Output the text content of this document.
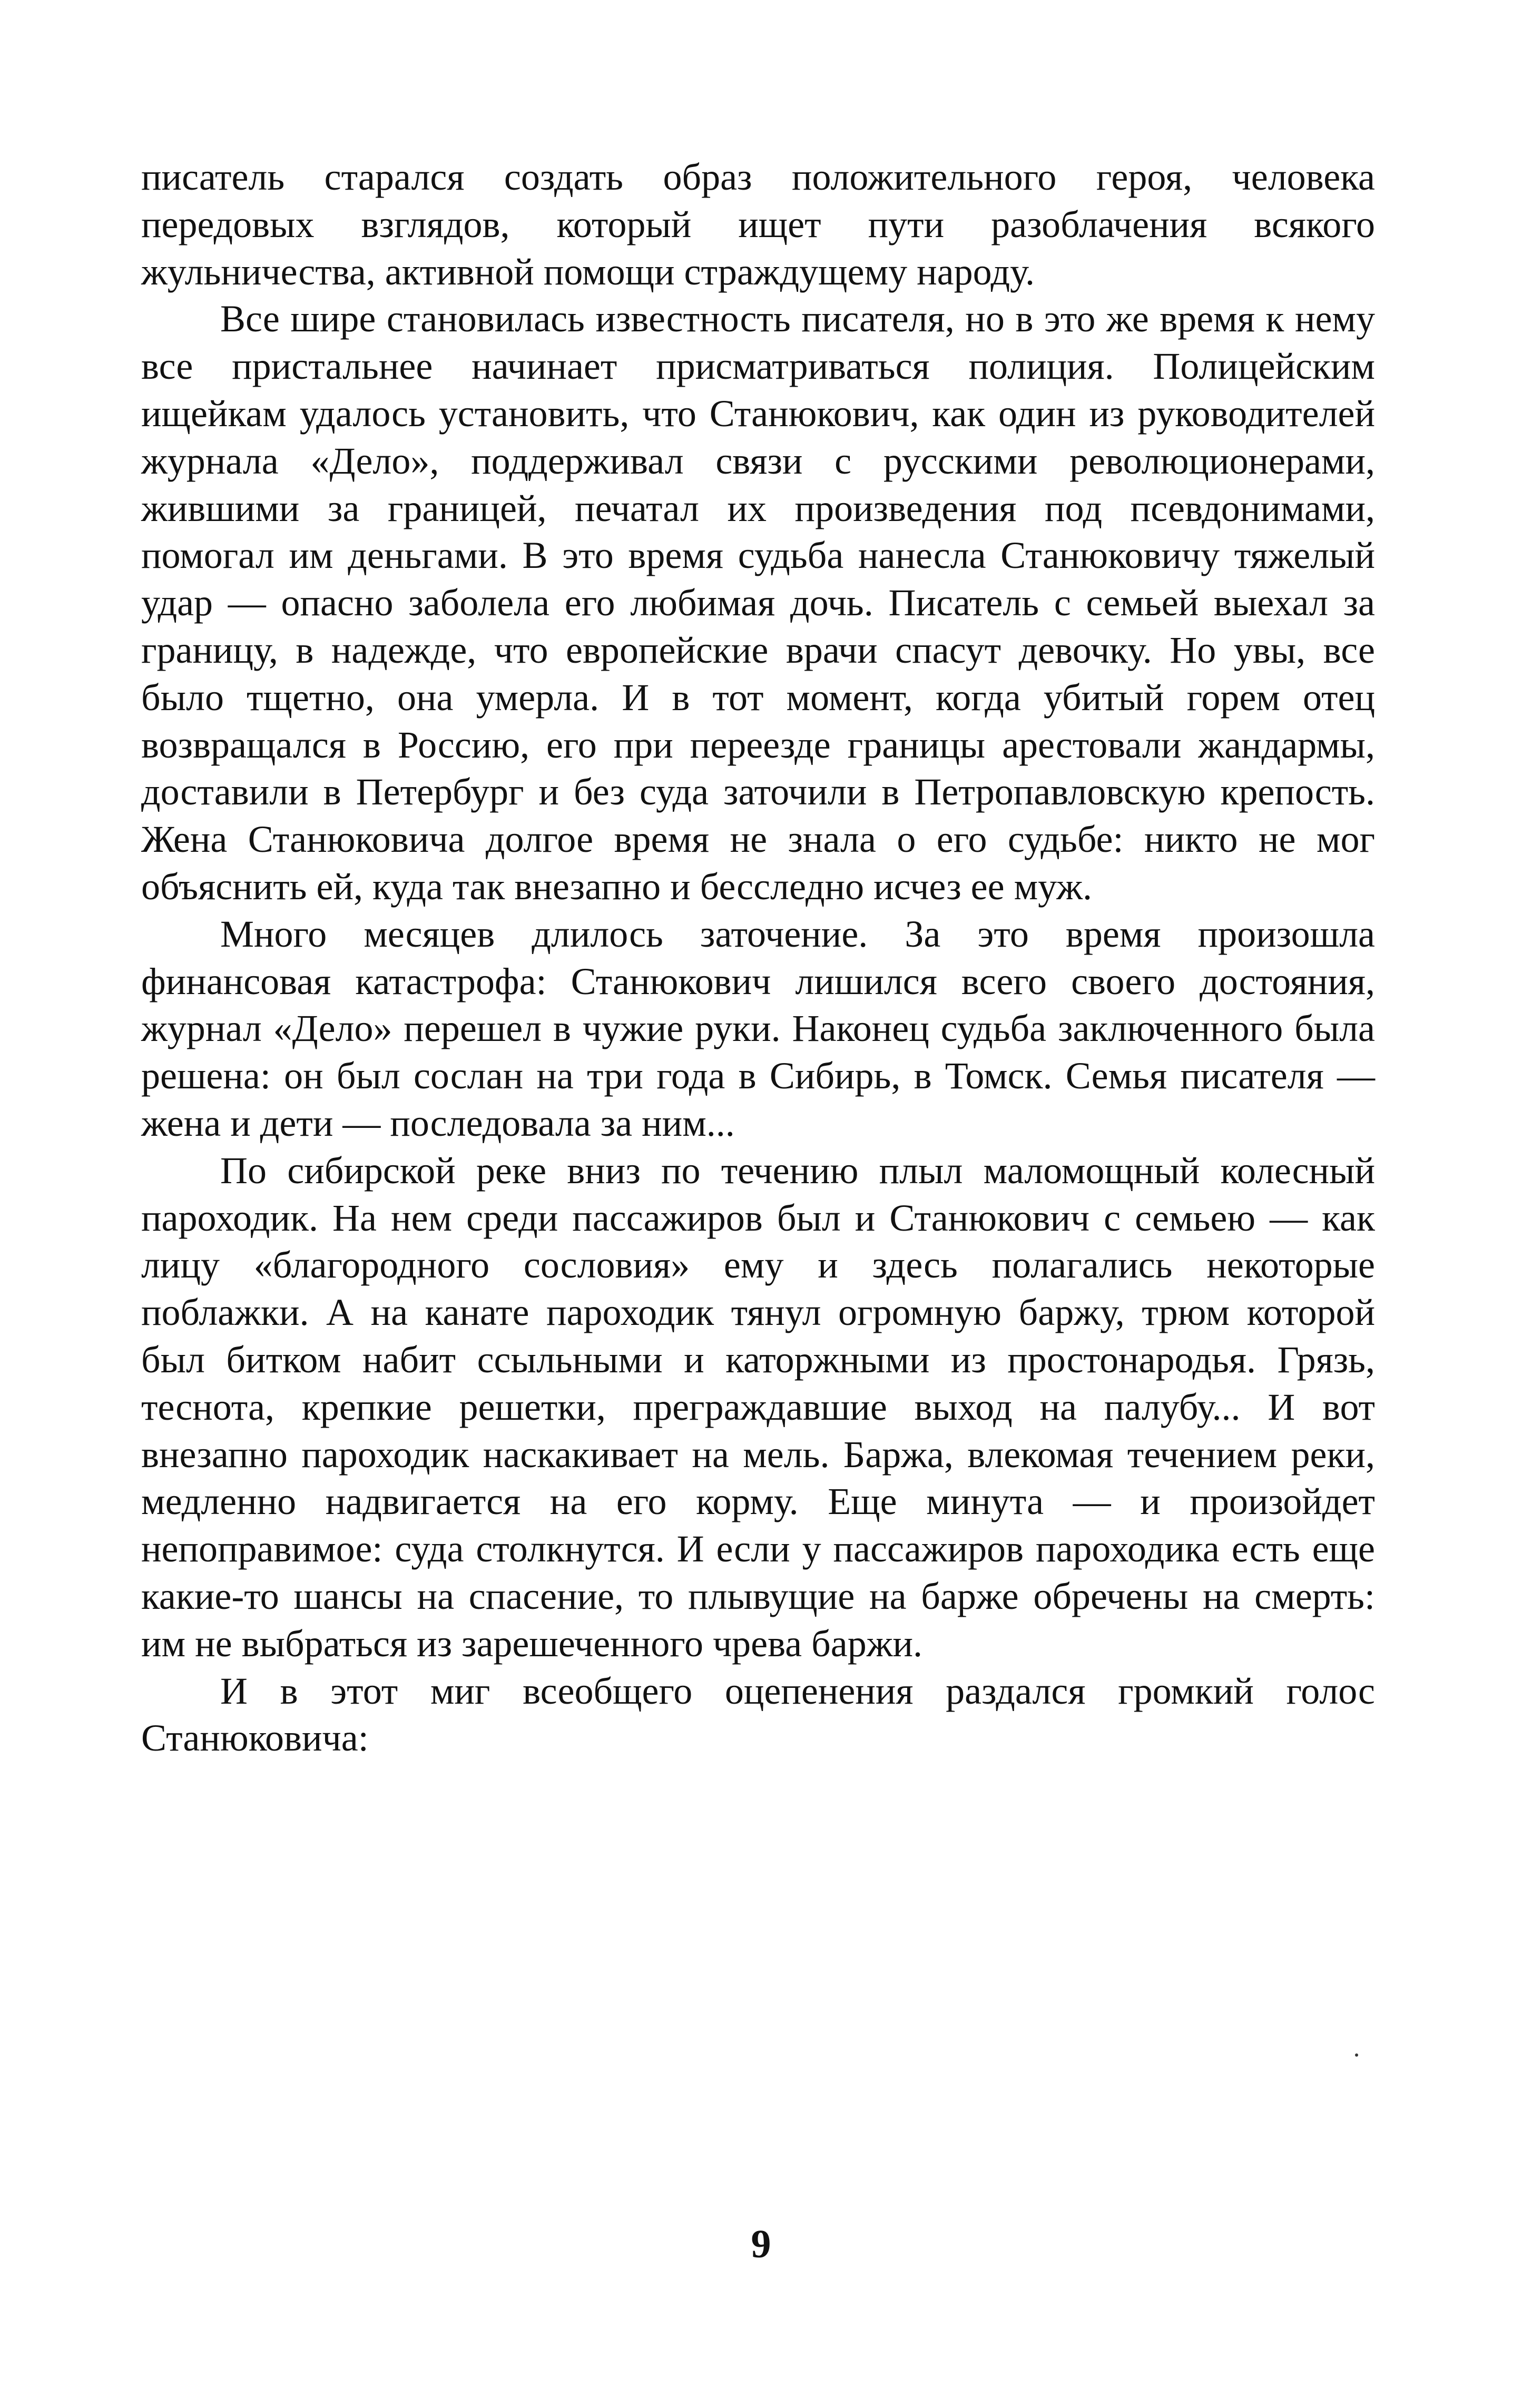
писатель старался создать образ положительного героя, человека передовых взглядов, который ищет пути разоблачения всякого жульничества, активной помощи страждущему народу.

Все шире становилась известность писателя, но в это же время к нему все пристальнее начинает присматриваться полиция. Полицейским ищейкам удалось установить, что Станюкович, как один из руководителей журнала «Дело», поддерживал связи с русскими революционерами, жившими за границей, печатал их произведения под псевдонимами, помогал им деньгами. В это время судьба нанесла Станюковичу тяжелый удар — опасно заболела его любимая дочь. Писатель с семьей выехал за границу, в надежде, что европейские врачи спасут девочку. Но увы, все было тщетно, она умерла. И в тот момент, когда убитый горем отец возвращался в Россию, его при переезде границы арестовали жандармы, доставили в Петербург и без суда заточили в Петропавловскую крепость. Жена Станюковича долгое время не знала о его судьбе: никто не мог объяснить ей, куда так внезапно и бесследно исчез ее муж.

Много месяцев длилось заточение. За это время произошла финансовая катастрофа: Станюкович лишился всего своего достояния, журнал «Дело» перешел в чужие руки. Наконец судьба заключенного была решена: он был сослан на три года в Сибирь, в Томск. Семья писателя — жена и дети — последовала за ним...

По сибирской реке вниз по течению плыл маломощный колесный пароходик. На нем среди пассажиров был и Станюкович с семьею — как лицу «благородного сословия» ему и здесь полагались некоторые поблажки. А на канате пароходик тянул огромную баржу, трюм которой был битком набит ссыльными и каторжными из простонародья. Грязь, теснота, крепкие решетки, преграждавшие выход на палубу... И вот внезапно пароходик наскакивает на мель. Баржа, влекомая течением реки, медленно надвигается на его корму. Еще минута — и произойдет непоправимое: суда столкнутся. И если у пассажиров пароходика есть еще какие-то шансы на спасение, то плывущие на барже обречены на смерть: им не выбраться из зарешеченного чрева баржи.

И в этот миг всеобщего оцепенения раздался громкий голос Станюковича:

9
